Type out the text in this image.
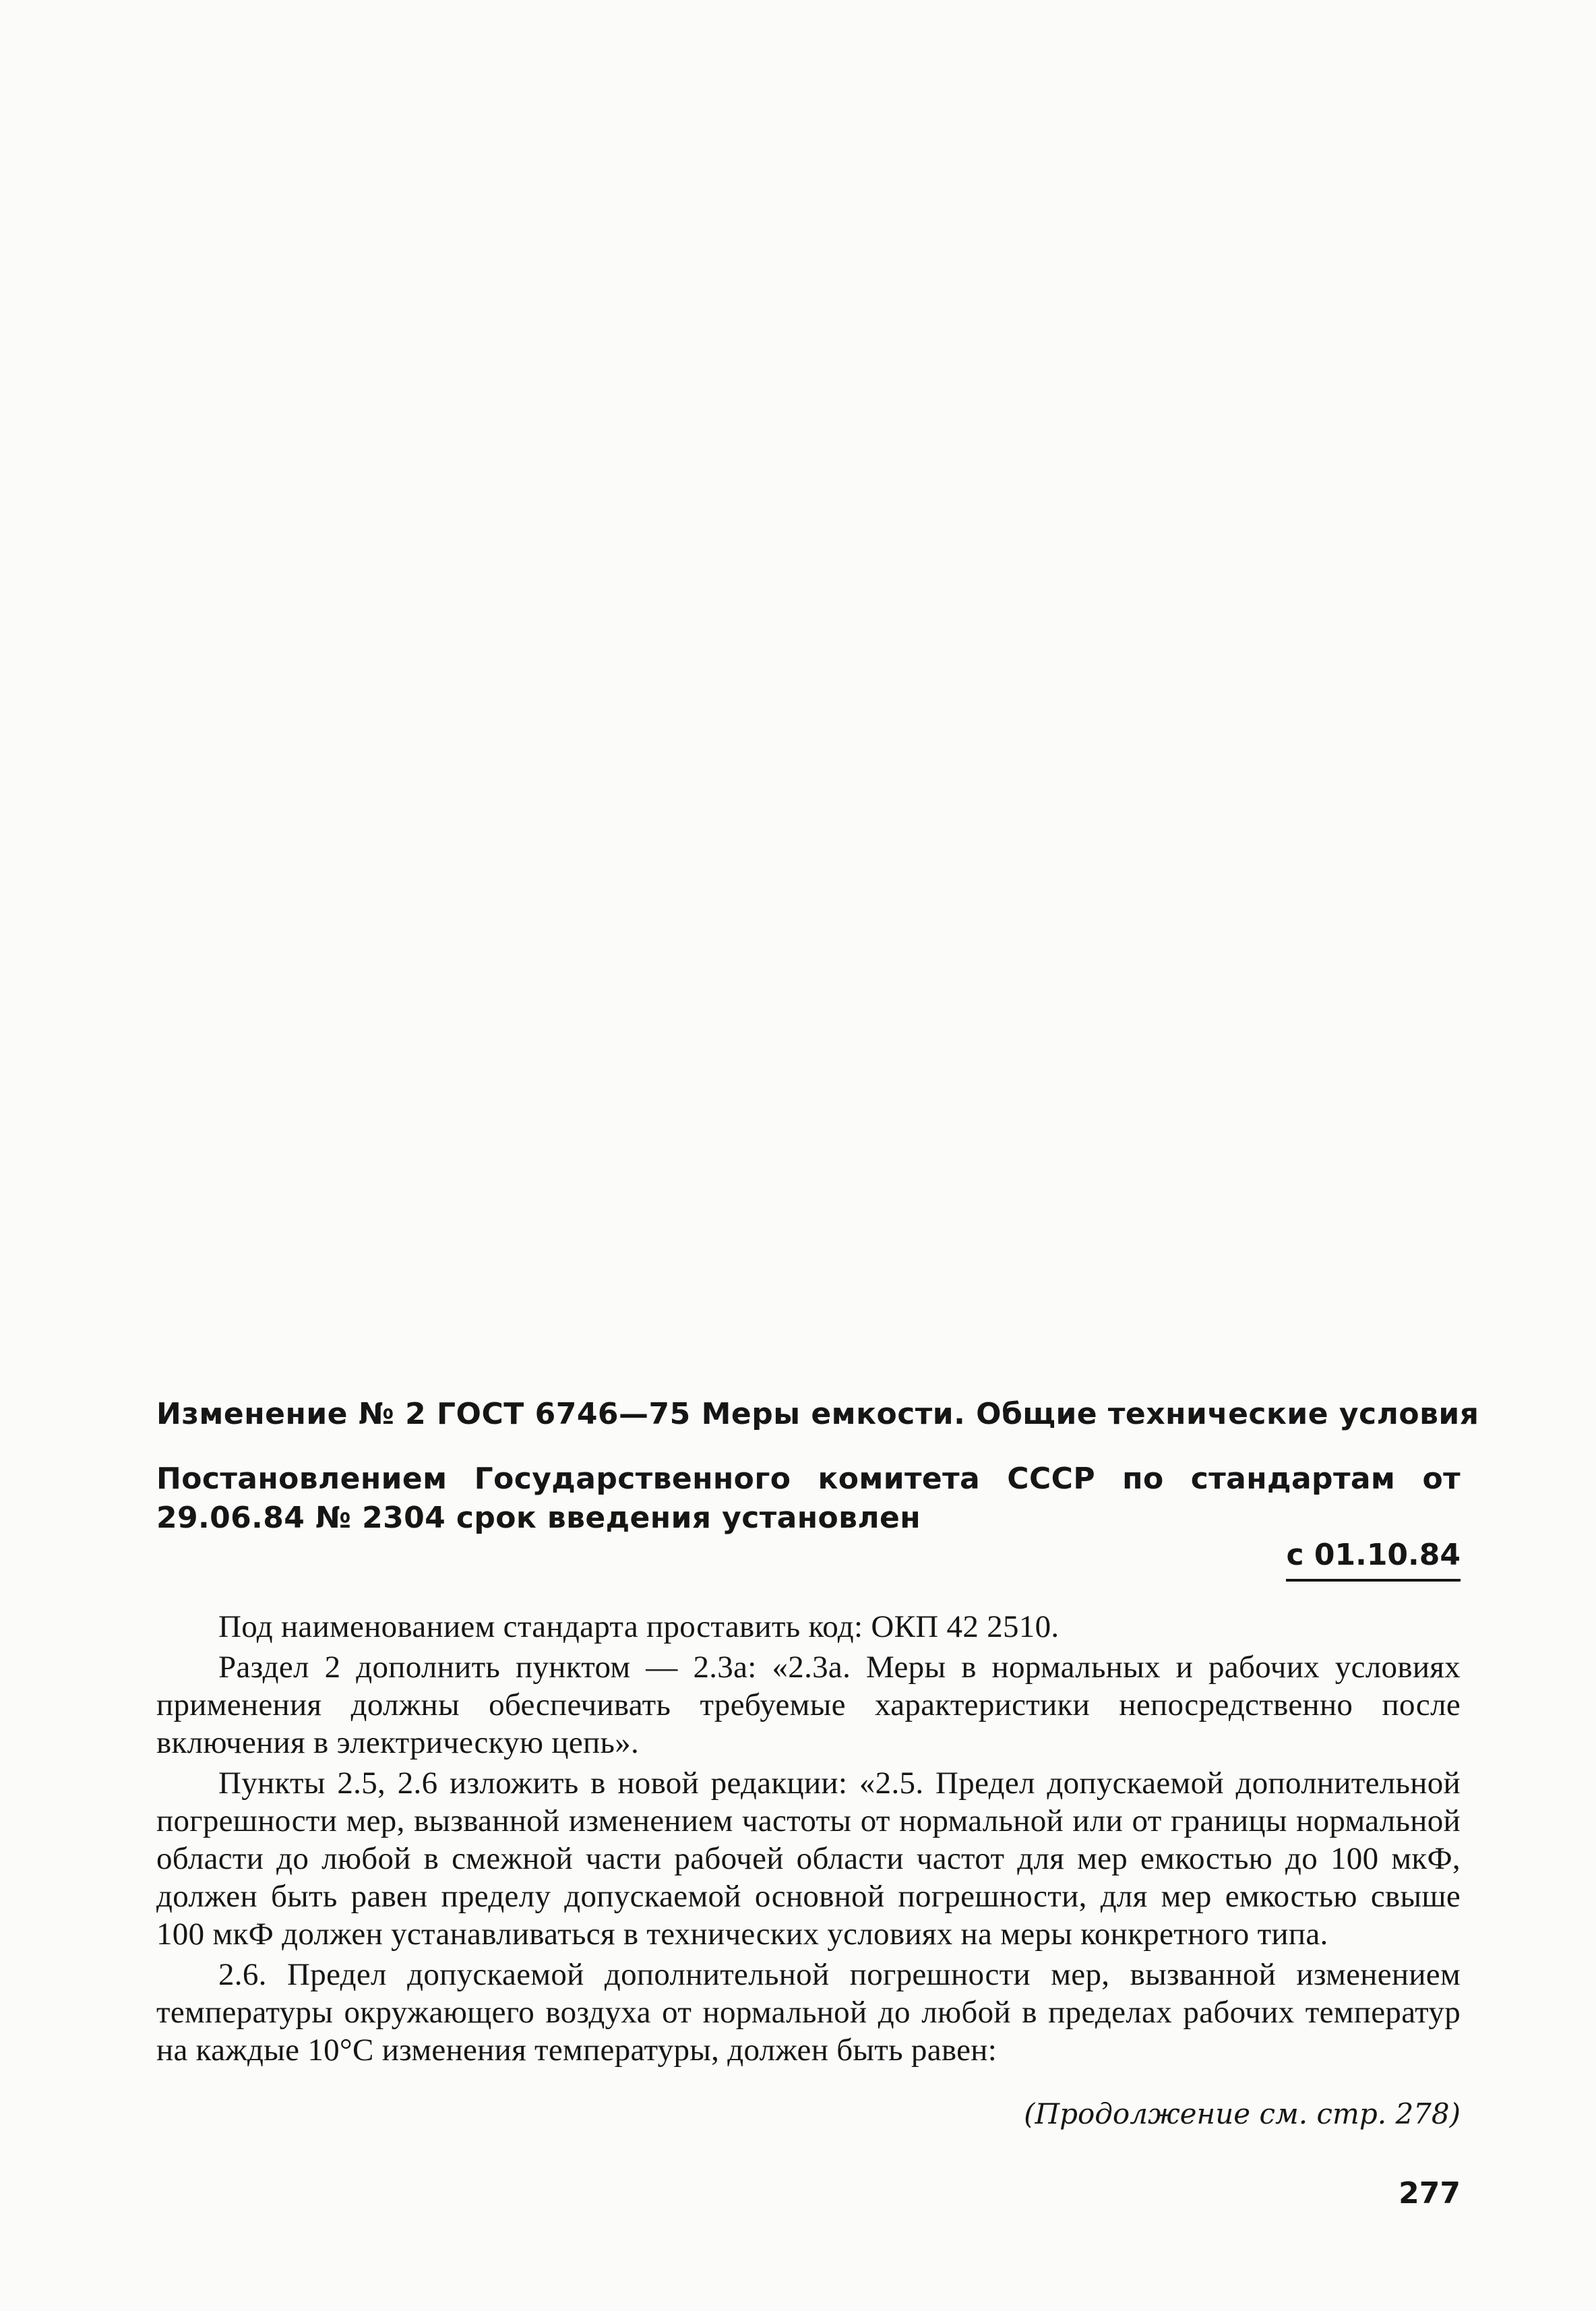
Изменение № 2 ГОСТ 6746—75 Меры емкости. Общие технические условия
Постановлением Государственного комитета СССР по стандартам от 29.06.84 № 2304 срок введения установлен
с 01.10.84

Под наименованием стандарта проставить код: ОКП 42 2510.

Раздел 2 дополнить пунктом — 2.3а: «2.3а. Меры в нормальных и рабочих условиях применения должны обеспечивать требуемые характеристики непосредственно после включения в электрическую цепь».

Пункты 2.5, 2.6 изложить в новой редакции: «2.5. Предел допускаемой дополнительной погрешности мер, вызванной изменением частоты от нормальной или от границы нормальной области до любой в смежной части рабочей области частот для мер емкостью до 100 мкФ, должен быть равен пределу допускаемой основной погрешности, для мер емкостью свыше 100 мкФ должен устанавливаться в технических условиях на меры конкретного типа.

2.6. Предел допускаемой дополнительной погрешности мер, вызванной изменением температуры окружающего воздуха от нормальной до любой в пределах рабочих температур на каждые 10°С изменения температуры, должен быть равен:

(Продолжение см. стр. 278)
277
